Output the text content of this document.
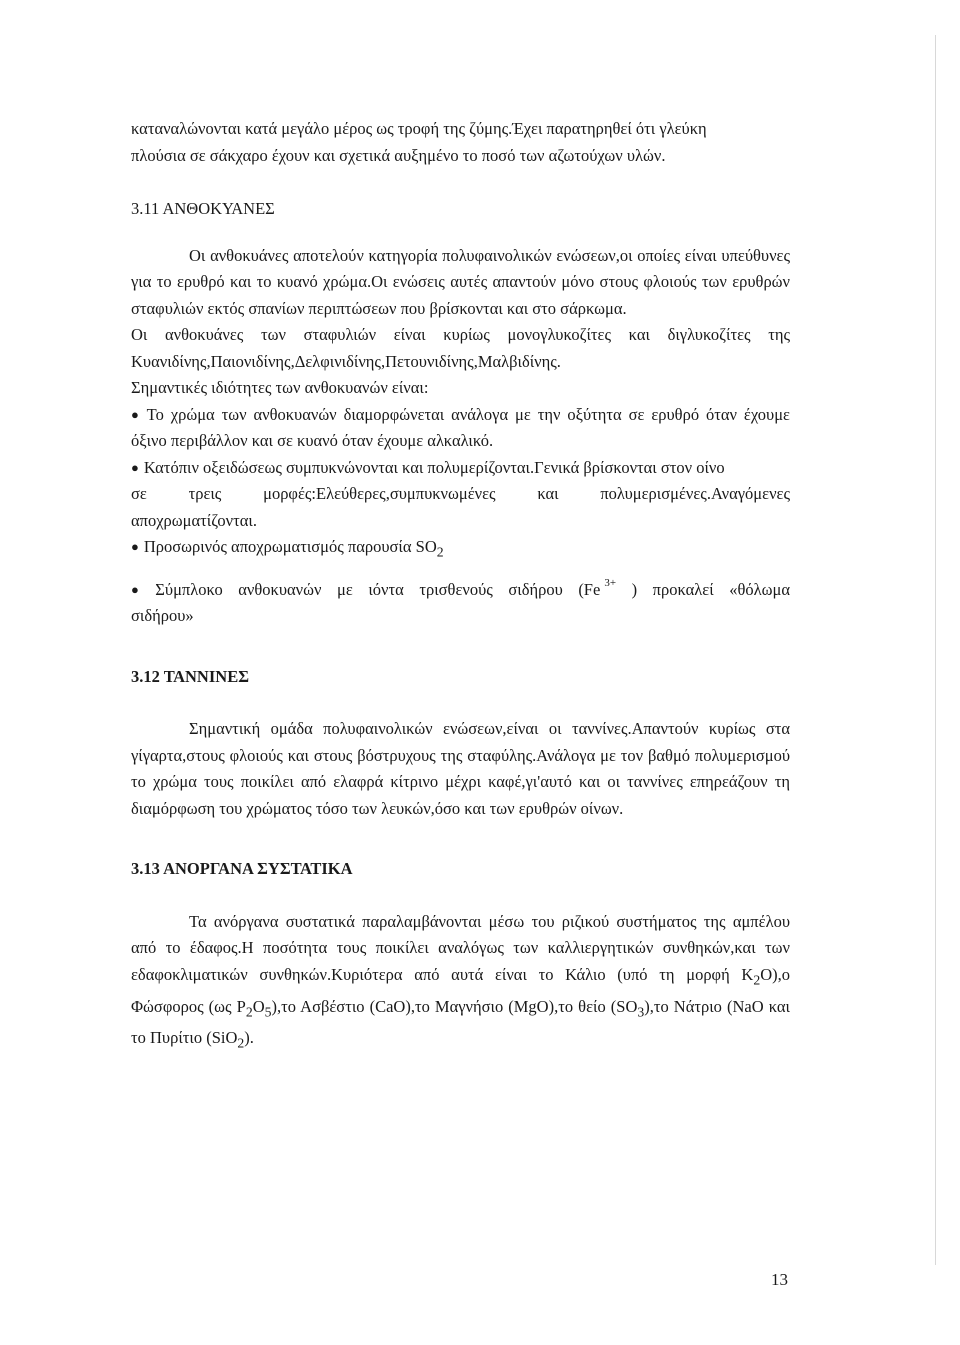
καταναλώνονται κατά μεγάλο μέρος ως τροφή της ζύμης.Έχει παρατηρηθεί ότι γλεύκη
πλούσια σε σάκχαρο έχουν και σχετικά αυξημένο το ποσό των αζωτούχων υλών.

3.11 ΑΝΘΟΚΥΑΝΕΣ

Οι ανθοκυάνες αποτελούν κατηγορία πολυφαινολικών ενώσεων,οι οποίες είναι υπεύθυνες για το ερυθρό και το κυανό χρώμα.Οι ενώσεις αυτές απαντούν μόνο στους φλοιούς των ερυθρών σταφυλιών εκτός σπανίων περιπτώσεων που βρίσκονται και στο σάρκωμα.

Οι ανθοκυάνες των σταφυλιών είναι κυρίως μονογλυκοζίτες και διγλυκοζίτες της Κυανιδίνης,Παιονιδίνης,Δελφινιδίνης,Πετουνιδίνης,Μαλβιδίνης.

Σημαντικές ιδιότητες των ανθοκυανών είναι:

● Το χρώμα των ανθοκυανών διαμορφώνεται ανάλογα με την οξύτητα σε ερυθρό όταν έχουμε όξινο περιβάλλον και σε κυανό όταν έχουμε αλκαλικό.

● Κατόπιν οξειδώσεως συμπυκνώνονται και πολυμερίζονται.Γενικά βρίσκονται στον οίνο

σε τρεις μορφές:Ελεύθερες,συμπυκνωμένες και πολυμερισμένες.Αναγόμενες

αποχρωματίζονται.

● Προσωρινός αποχρωματισμός παρουσία $SO_2$

● Σύμπλοκο ανθοκυανών με ιόντα τρισθενούς σιδήρου (Fe $^{3+}$ ) προκαλεί «θόλωμα

σιδήρου»

3.12 ΤΑΝΝΙΝΕΣ

Σημαντική ομάδα πολυφαινολικών ενώσεων,είναι οι ταννίνες.Απαντούν κυρίως στα γίγαρτα,στους φλοιούς και στους βόστρυχους της σταφύλης.Ανάλογα με τον βαθμό πολυμερισμού το χρώμα τους ποικίλει από ελαφρά κίτρινο μέχρι καφέ,γι'αυτό και οι ταννίνες επηρεάζουν τη διαμόρφωση του χρώματος τόσο των λευκών,όσο και των ερυθρών οίνων.

3.13 ΑΝΟΡΓΑΝΑ ΣΥΣΤΑΤΙΚΑ

Τα ανόργανα συστατικά παραλαμβάνονται μέσω του ριζικού συστήματος της αμπέλου από το έδαφος.Η ποσότητα τους ποικίλει αναλόγως των καλλιεργητικών συνθηκών,και των εδαφοκλιματικών συνθηκών.Κυριότερα από αυτά είναι το Κάλιο (υπό τη μορφή $K_2O),o$ Φώσφορος (ως $P_2O_5),\tau o$ Ασβέστιο (CaO),το Μαγνήσιο (MgO),το θείο $(SO_3),\tau o$ Νάτριο (NaO και το Πυρίτιο (SiO$_2$).

13
